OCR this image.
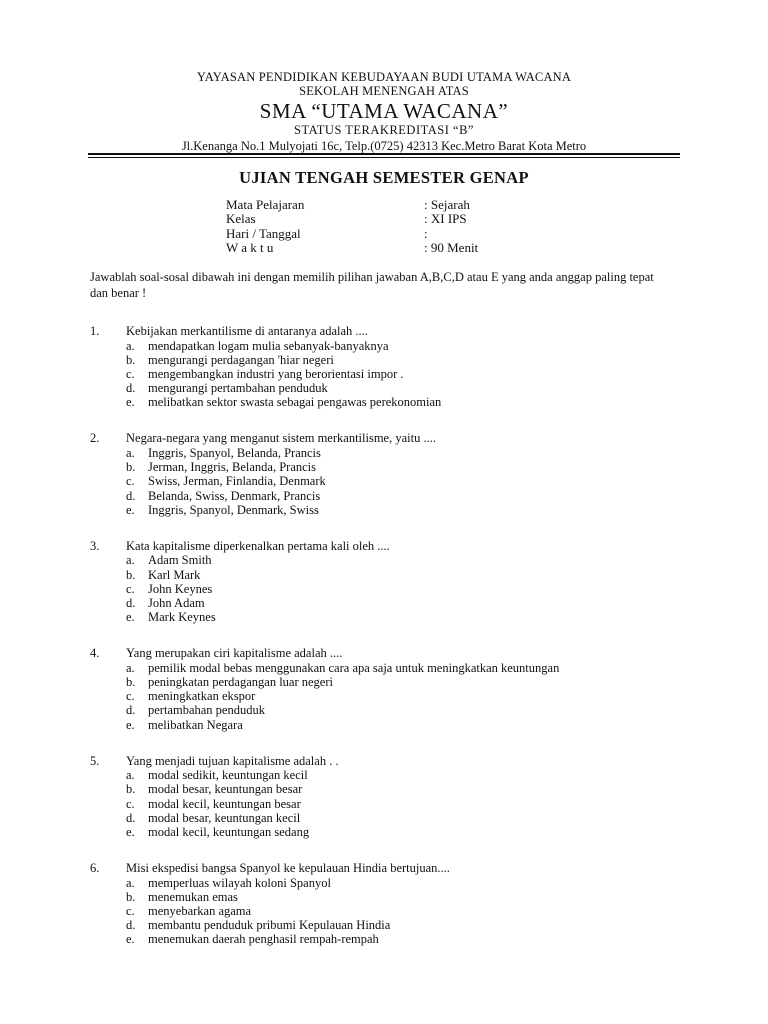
YAYASAN PENDIDIKAN KEBUDAYAAN BUDI UTAMA WACANA
SEKOLAH MENENGAH ATAS
SMA “UTAMA WACANA”
STATUS TERAKREDITASI “B”
Jl.Kenanga No.1 Mulyojati 16c, Telp.(0725) 42313 Kec.Metro Barat Kota Metro
UJIAN TENGAH SEMESTER GENAP
Mata Pelajaran	: Sejarah
Kelas	: XI IPS
Hari / Tanggal	:
W a k t u	: 90 Menit
Jawablah soal-sosal dibawah ini dengan memilih pilihan jawaban A,B,C,D atau E yang anda anggap paling tepat dan benar !
1. Kebijakan merkantilisme di antaranya adalah ....
a. mendapatkan logam mulia sebanyak-banyaknya
b. mengurangi perdagangan 'hiar negeri
c. mengembangkan industri yang berorientasi impor .
d. mengurangi pertambahan penduduk
e. melibatkan sektor swasta sebagai pengawas perekonomian
2. Negara-negara yang menganut sistem merkantilisme, yaitu ....
a. Inggris, Spanyol, Belanda, Prancis
b. Jerman, Inggris, Belanda, Prancis
c. Swiss, Jerman, Finlandia, Denmark
d. Belanda, Swiss, Denmark, Prancis
e. Inggris, Spanyol, Denmark, Swiss
3. Kata kapitalisme diperkenalkan pertama kali oleh ....
a. Adam Smith
b. Karl Mark
c. John Keynes
d. John Adam
e. Mark Keynes
4. Yang merupakan ciri kapitalisme adalah ....
a. pemilik modal bebas menggunakan cara apa saja untuk meningkatkan keuntungan
b. peningkatan perdagangan luar negeri
c. meningkatkan ekspor
d. pertambahan penduduk
e. melibatkan Negara
5. Yang menjadi tujuan kapitalisme adalah . .
a. modal sedikit, keuntungan kecil
b. modal besar, keuntungan besar
c. modal kecil, keuntungan besar
d. modal besar, keuntungan kecil
e. modal kecil, keuntungan sedang
6. Misi ekspedisi bangsa Spanyol ke kepulauan Hindia bertujuan....
a. memperluas wilayah koloni Spanyol
b. menemukan emas
c. menyebarkan agama
d. membantu penduduk pribumi Kepulauan Hindia
e. menemukan daerah penghasil rempah-rempah
